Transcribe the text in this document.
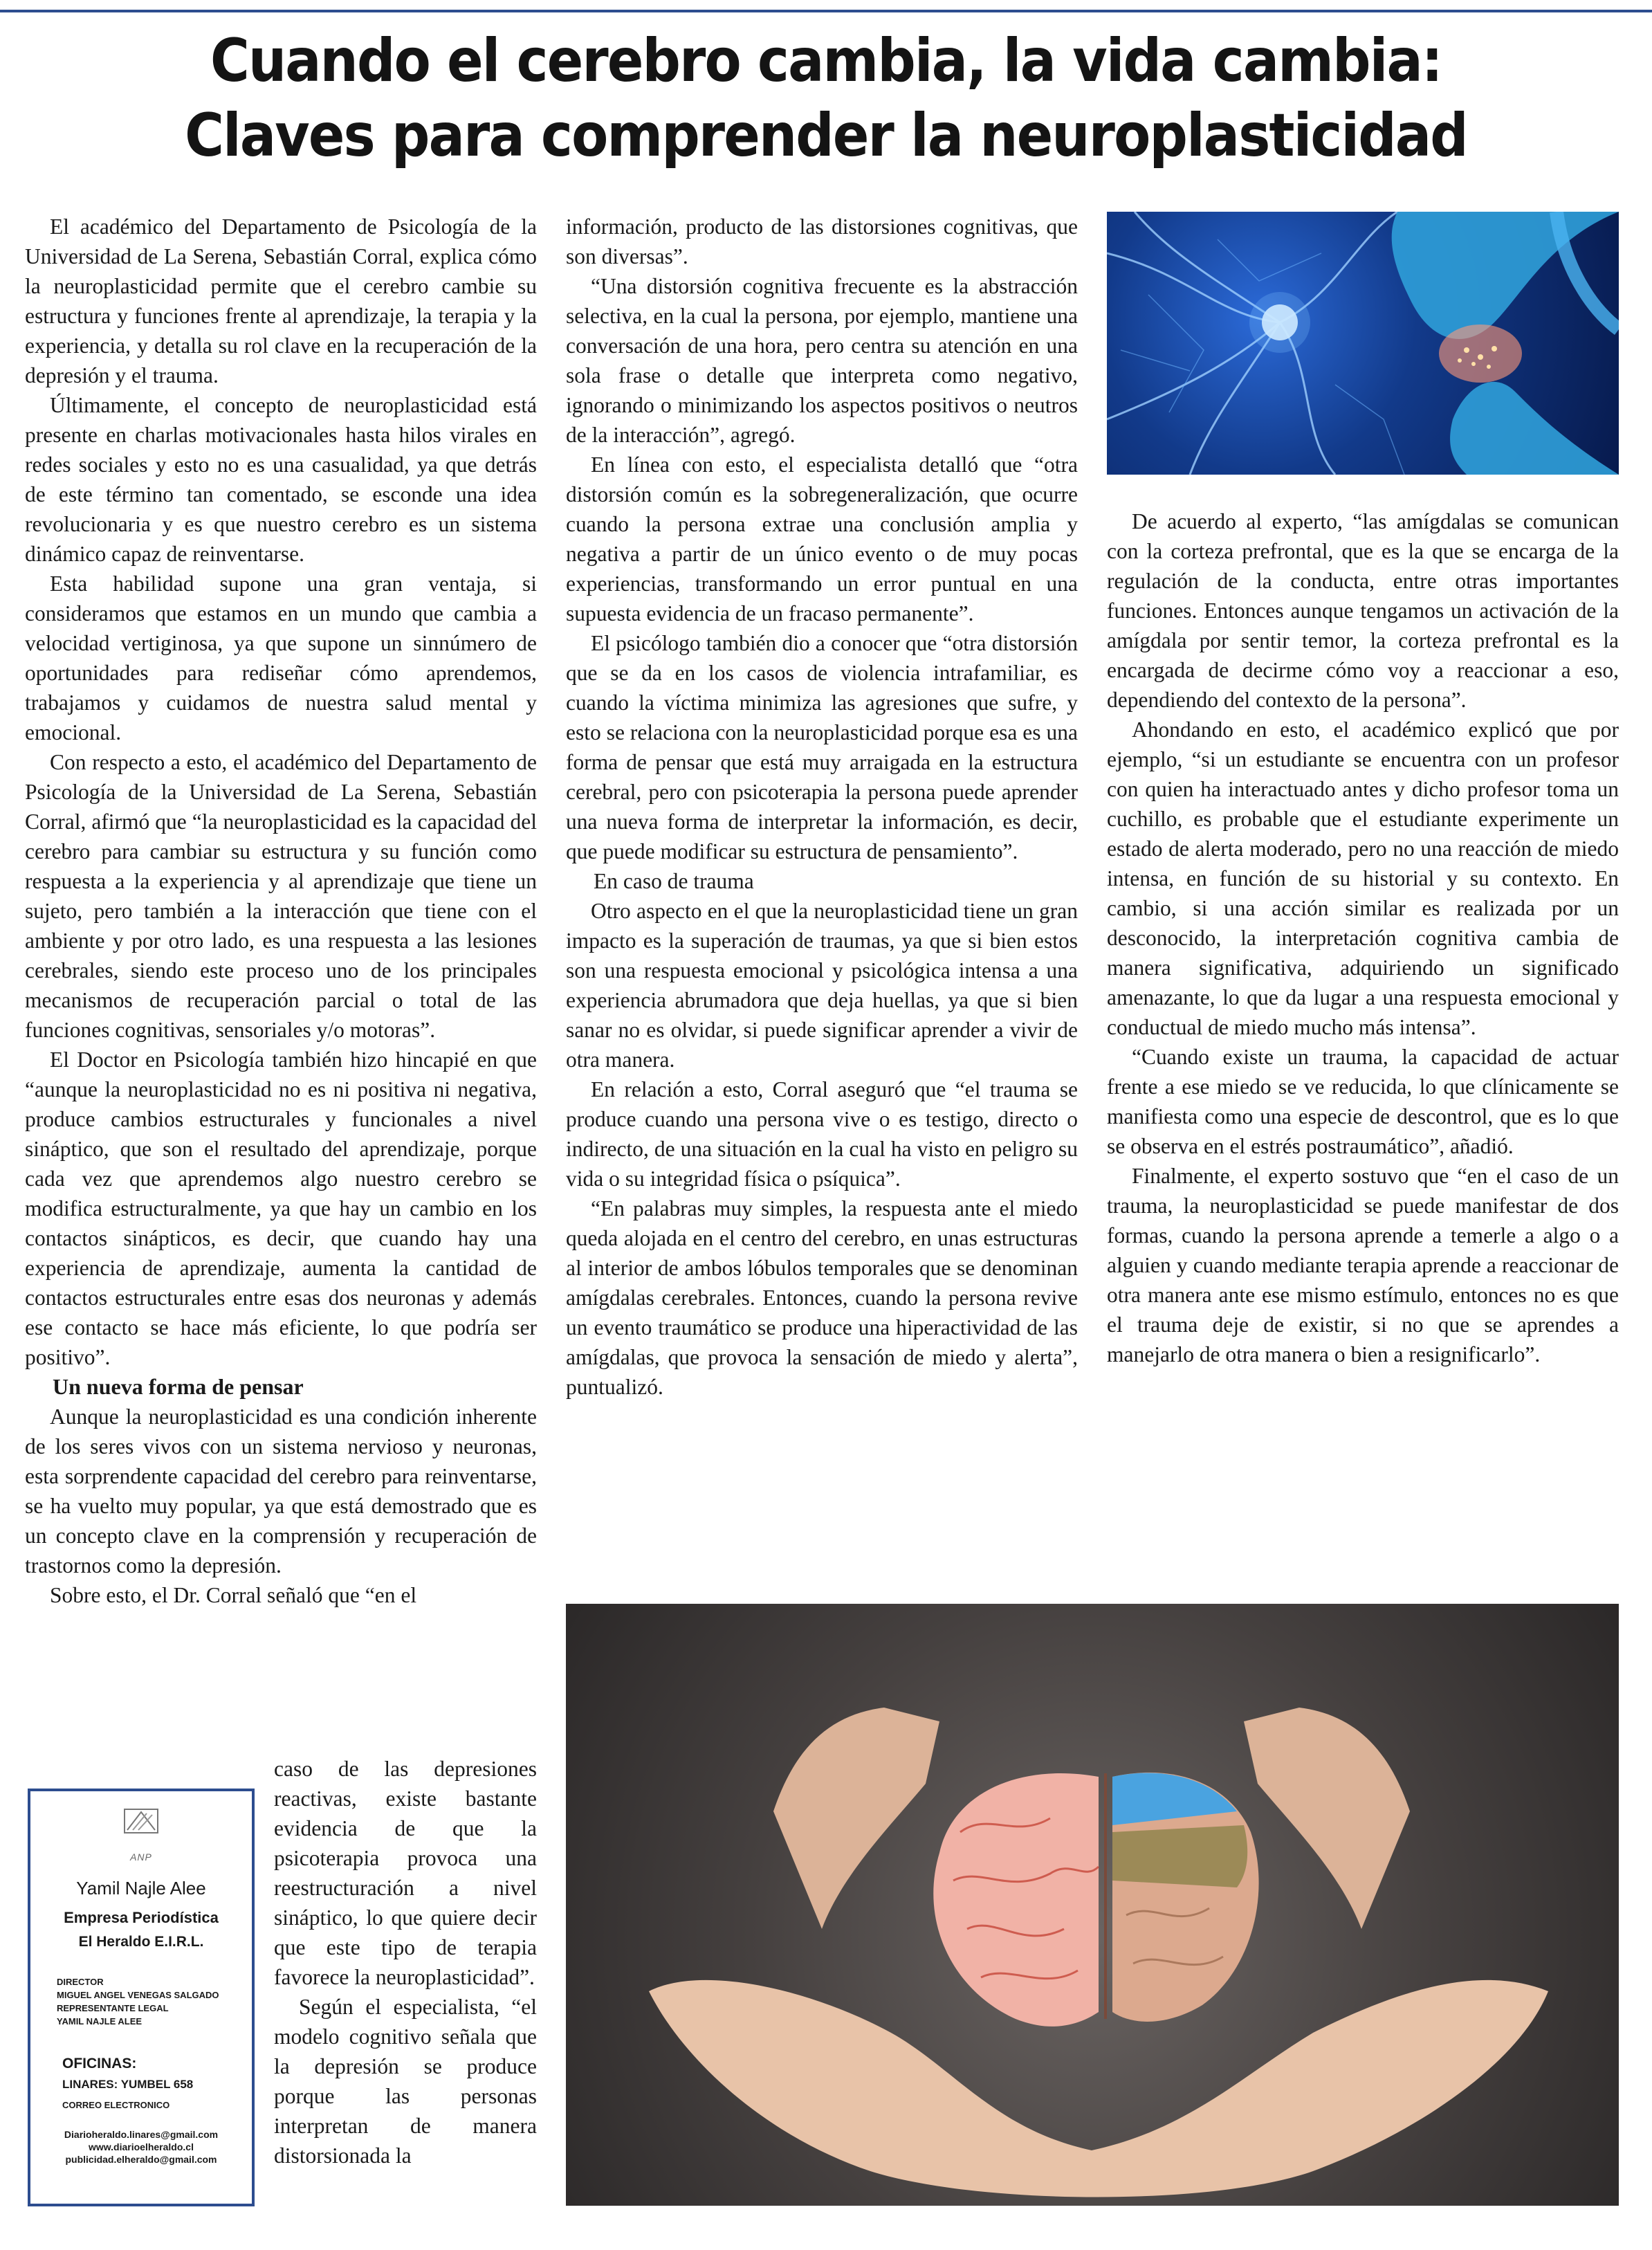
Cuando el cerebro cambia, la vida cambia:
Claves para comprender la neuroplasticidad

El académico del Departamento de Psicología de la Universidad de La Serena, Sebastián Corral, explica cómo la neuroplasticidad permite que el cerebro cambie su estructura y funciones frente al aprendizaje, la terapia y la experiencia, y detalla su rol clave en la recuperación de la depresión y el trauma.

Últimamente, el concepto de neuroplasticidad está presente en charlas motivacionales hasta hilos virales en redes sociales y esto no es una casualidad, ya que detrás de este término tan comentado, se esconde una idea revolucionaria y es que nuestro cerebro es un sistema dinámico capaz de reinventarse.

Esta habilidad supone una gran ventaja, si consideramos que estamos en un mundo que cambia a velocidad vertiginosa, ya que supone un sinnúmero de oportunidades para rediseñar cómo aprendemos, trabajamos y cuidamos de nuestra salud mental y emocional.

Con respecto a esto, el académico del Departamento de Psicología de la Universidad de La Serena, Sebastián Corral, afirmó que “la neuroplasticidad es la capacidad del cerebro para cambiar su estructura y su función como respuesta a la experiencia y al aprendizaje que tiene un sujeto, pero también a la interacción que tiene con el ambiente y por otro lado, es una respuesta a las lesiones cerebrales, siendo este proceso uno de los principales mecanismos de recuperación parcial o total de las funciones cognitivas, sensoriales y/o motoras”.

El Doctor en Psicología también hizo hincapié en que “aunque la neuroplasticidad no es ni positiva ni negativa, produce cambios estructurales y funcionales a nivel sináptico, que son el resultado del aprendizaje, porque cada vez que aprendemos algo nuestro cerebro se modifica estructuralmente, ya que hay un cambio en los contactos sinápticos, es decir, que cuando hay una experiencia de aprendizaje, aumenta la cantidad de contactos estructurales entre esas dos neuronas y además ese contacto se hace más eficiente, lo que podría ser positivo”.

Un nueva forma de pensar

Aunque la neuroplasticidad es una condición inherente de los seres vivos con un sistema nervioso y neuronas, esta sorprendente capacidad del cerebro para reinventarse, se ha vuelto muy popular, ya que está demostrado que es un concepto clave en la comprensión y recuperación de trastornos como la depresión.

Sobre esto, el Dr. Corral señaló que “en el

caso de las depresiones reactivas, existe bastante evidencia de que la psicoterapia provoca una reestructuración a nivel sináptico, lo que quiere decir que este tipo de terapia favorece la neuroplasticidad”.

Según el especialista, “el modelo cognitivo señala que la depresión se produce porque las personas interpretan de manera distorsionada la

ANP
Yamil Najle Alee
Empresa Periodística
El Heraldo E.I.R.L.
DIRECTOR
MIGUEL ANGEL VENEGAS SALGADO
REPRESENTANTE LEGAL
YAMIL NAJLE ALEE
OFICINAS:
LINARES: YUMBEL 658
CORREO ELECTRONICO
Diarioheraldo.linares@gmail.com
www.diarioelheraldo.cl
publicidad.elheraldo@gmail.com

información, producto de las distorsiones cognitivas, que son diversas”.

“Una distorsión cognitiva frecuente es la abstracción selectiva, en la cual la persona, por ejemplo, mantiene una conversación de una hora, pero centra su atención en una sola frase o detalle que interpreta como negativo, ignorando o minimizando los aspectos positivos o neutros de la interacción”, agregó.

En línea con esto, el especialista detalló que “otra distorsión común es la sobregeneralización, que ocurre cuando la persona extrae una conclusión amplia y negativa a partir de un único evento o de muy pocas experiencias, transformando un error puntual en una supuesta evidencia de un fracaso permanente”.

El psicólogo también dio a conocer que “otra distorsión que se da en los casos de violencia intrafamiliar, es cuando la víctima minimiza las agresiones que sufre, y esto se relaciona con la neuroplasticidad porque esa es una forma de pensar que está muy arraigada en la estructura cerebral, pero con psicoterapia la persona puede aprender una nueva forma de interpretar la información, es decir, que puede modificar su estructura de pensamiento”.

En caso de trauma

Otro aspecto en el que la neuroplasticidad tiene un gran impacto es la superación de traumas, ya que si bien estos son una respuesta emocional y psicológica intensa a una experiencia abrumadora que deja huellas, ya que si bien sanar no es olvidar, si puede significar aprender a vivir de otra manera.

En relación a esto, Corral aseguró que “el trauma se produce cuando una persona vive o es testigo, directo o indirecto, de una situación en la cual ha visto en peligro su vida o su integridad física o psíquica”.

“En palabras muy simples, la respuesta ante el miedo queda alojada en el centro del cerebro, en unas estructuras al interior de ambos lóbulos temporales que se denominan amígdalas cerebrales. Entonces, cuando la persona revive un evento traumático se produce una hiperactividad de las amígdalas, que provoca la sensación de miedo y alerta”, puntualizó.

De acuerdo al experto, “las amígdalas se comunican con la corteza prefrontal, que es la que se encarga de la regulación de la conducta, entre otras importantes funciones. Entonces aunque tengamos un activación de la amígdala por sentir temor, la corteza prefrontal es la encargada de decirme cómo voy a reaccionar a eso, dependiendo del contexto de la persona”.

Ahondando en esto, el académico explicó que por ejemplo, “si un estudiante se encuentra con un profesor con quien ha interactuado antes y dicho profesor toma un cuchillo, es probable que el estudiante experimente un estado de alerta moderado, pero no una reacción de miedo intensa, en función de su historial y su contexto. En cambio, si una acción similar es realizada por un desconocido, la interpretación cognitiva cambia de manera significativa, adquiriendo un significado amenazante, lo que da lugar a una respuesta emocional y conductual de miedo mucho más intensa”.

“Cuando existe un trauma, la capacidad de actuar frente a ese miedo se ve reducida, lo que clínicamente se manifiesta como una especie de descontrol, que es lo que se observa en el estrés postraumático”, añadió.

Finalmente, el experto sostuvo que “en el caso de un trauma, la neuroplasticidad se puede manifestar de dos formas, cuando la persona aprende a temerle a algo o a alguien y cuando mediante terapia aprende a reaccionar de otra manera ante ese mismo estímulo, entonces no es que el trauma deje de existir, si no que se aprendes a manejarlo de otra manera o bien a resignificarlo”.
